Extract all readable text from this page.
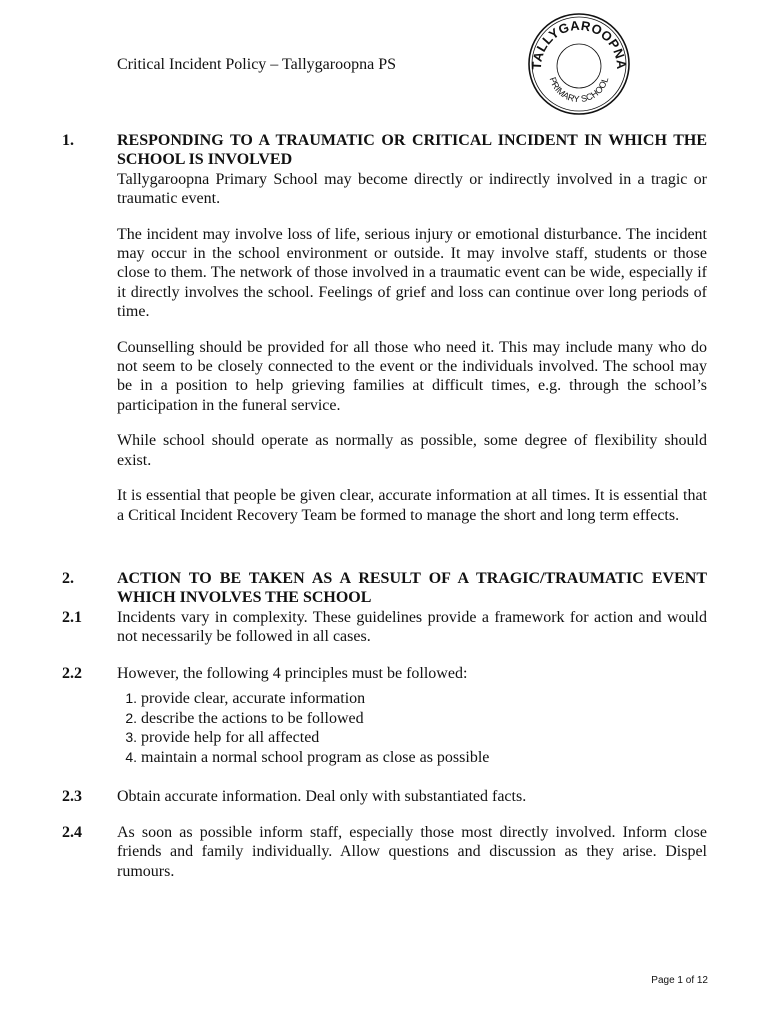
Critical Incident Policy – Tallygaroopna PS	TALLYGAROOPNA
PRIMARY SCHOOL
1.	RESPONDING TO A TRAUMATIC OR CRITICAL INCIDENT IN WHICH THE SCHOOL IS INVOLVED

Tallygaroopna Primary School may become directly or indirectly involved in a tragic or traumatic event.

The incident may involve loss of life, serious injury or emotional disturbance. The incident may occur in the school environment or outside. It may involve staff, students or those close to them. The network of those involved in a traumatic event can be wide, especially if it directly involves the school. Feelings of grief and loss can continue over long periods of time.

Counselling should be provided for all those who need it. This may include many who do not seem to be closely connected to the event or the individuals involved. The school may be in a position to help grieving families at difficult times, e.g. through the school’s participation in the funeral service.

While school should operate as normally as possible, some degree of flexibility should exist.

It is essential that people be given clear, accurate information at all times. It is essential that a Critical Incident Recovery Team be formed to manage the short and long term effects.

2.	ACTION TO BE TAKEN AS A RESULT OF A TRAGIC/TRAUMATIC EVENT WHICH INVOLVES THE SCHOOL
2.1 Incidents vary in complexity. These guidelines provide a framework for action and would not necessarily be followed in all cases.

2.2 However, the following 4 principles must be followed:

1. provide clear, accurate information
2. describe the actions to be followed
3. provide help for all affected
4. maintain a normal school program as close as possible
2.3 Obtain accurate information. Deal only with substantiated facts.

2.4 As soon as possible inform staff, especially those most directly involved. Inform close friends and family individually. Allow questions and discussion as they arise. Dispel rumours.

Page 1 of 12
